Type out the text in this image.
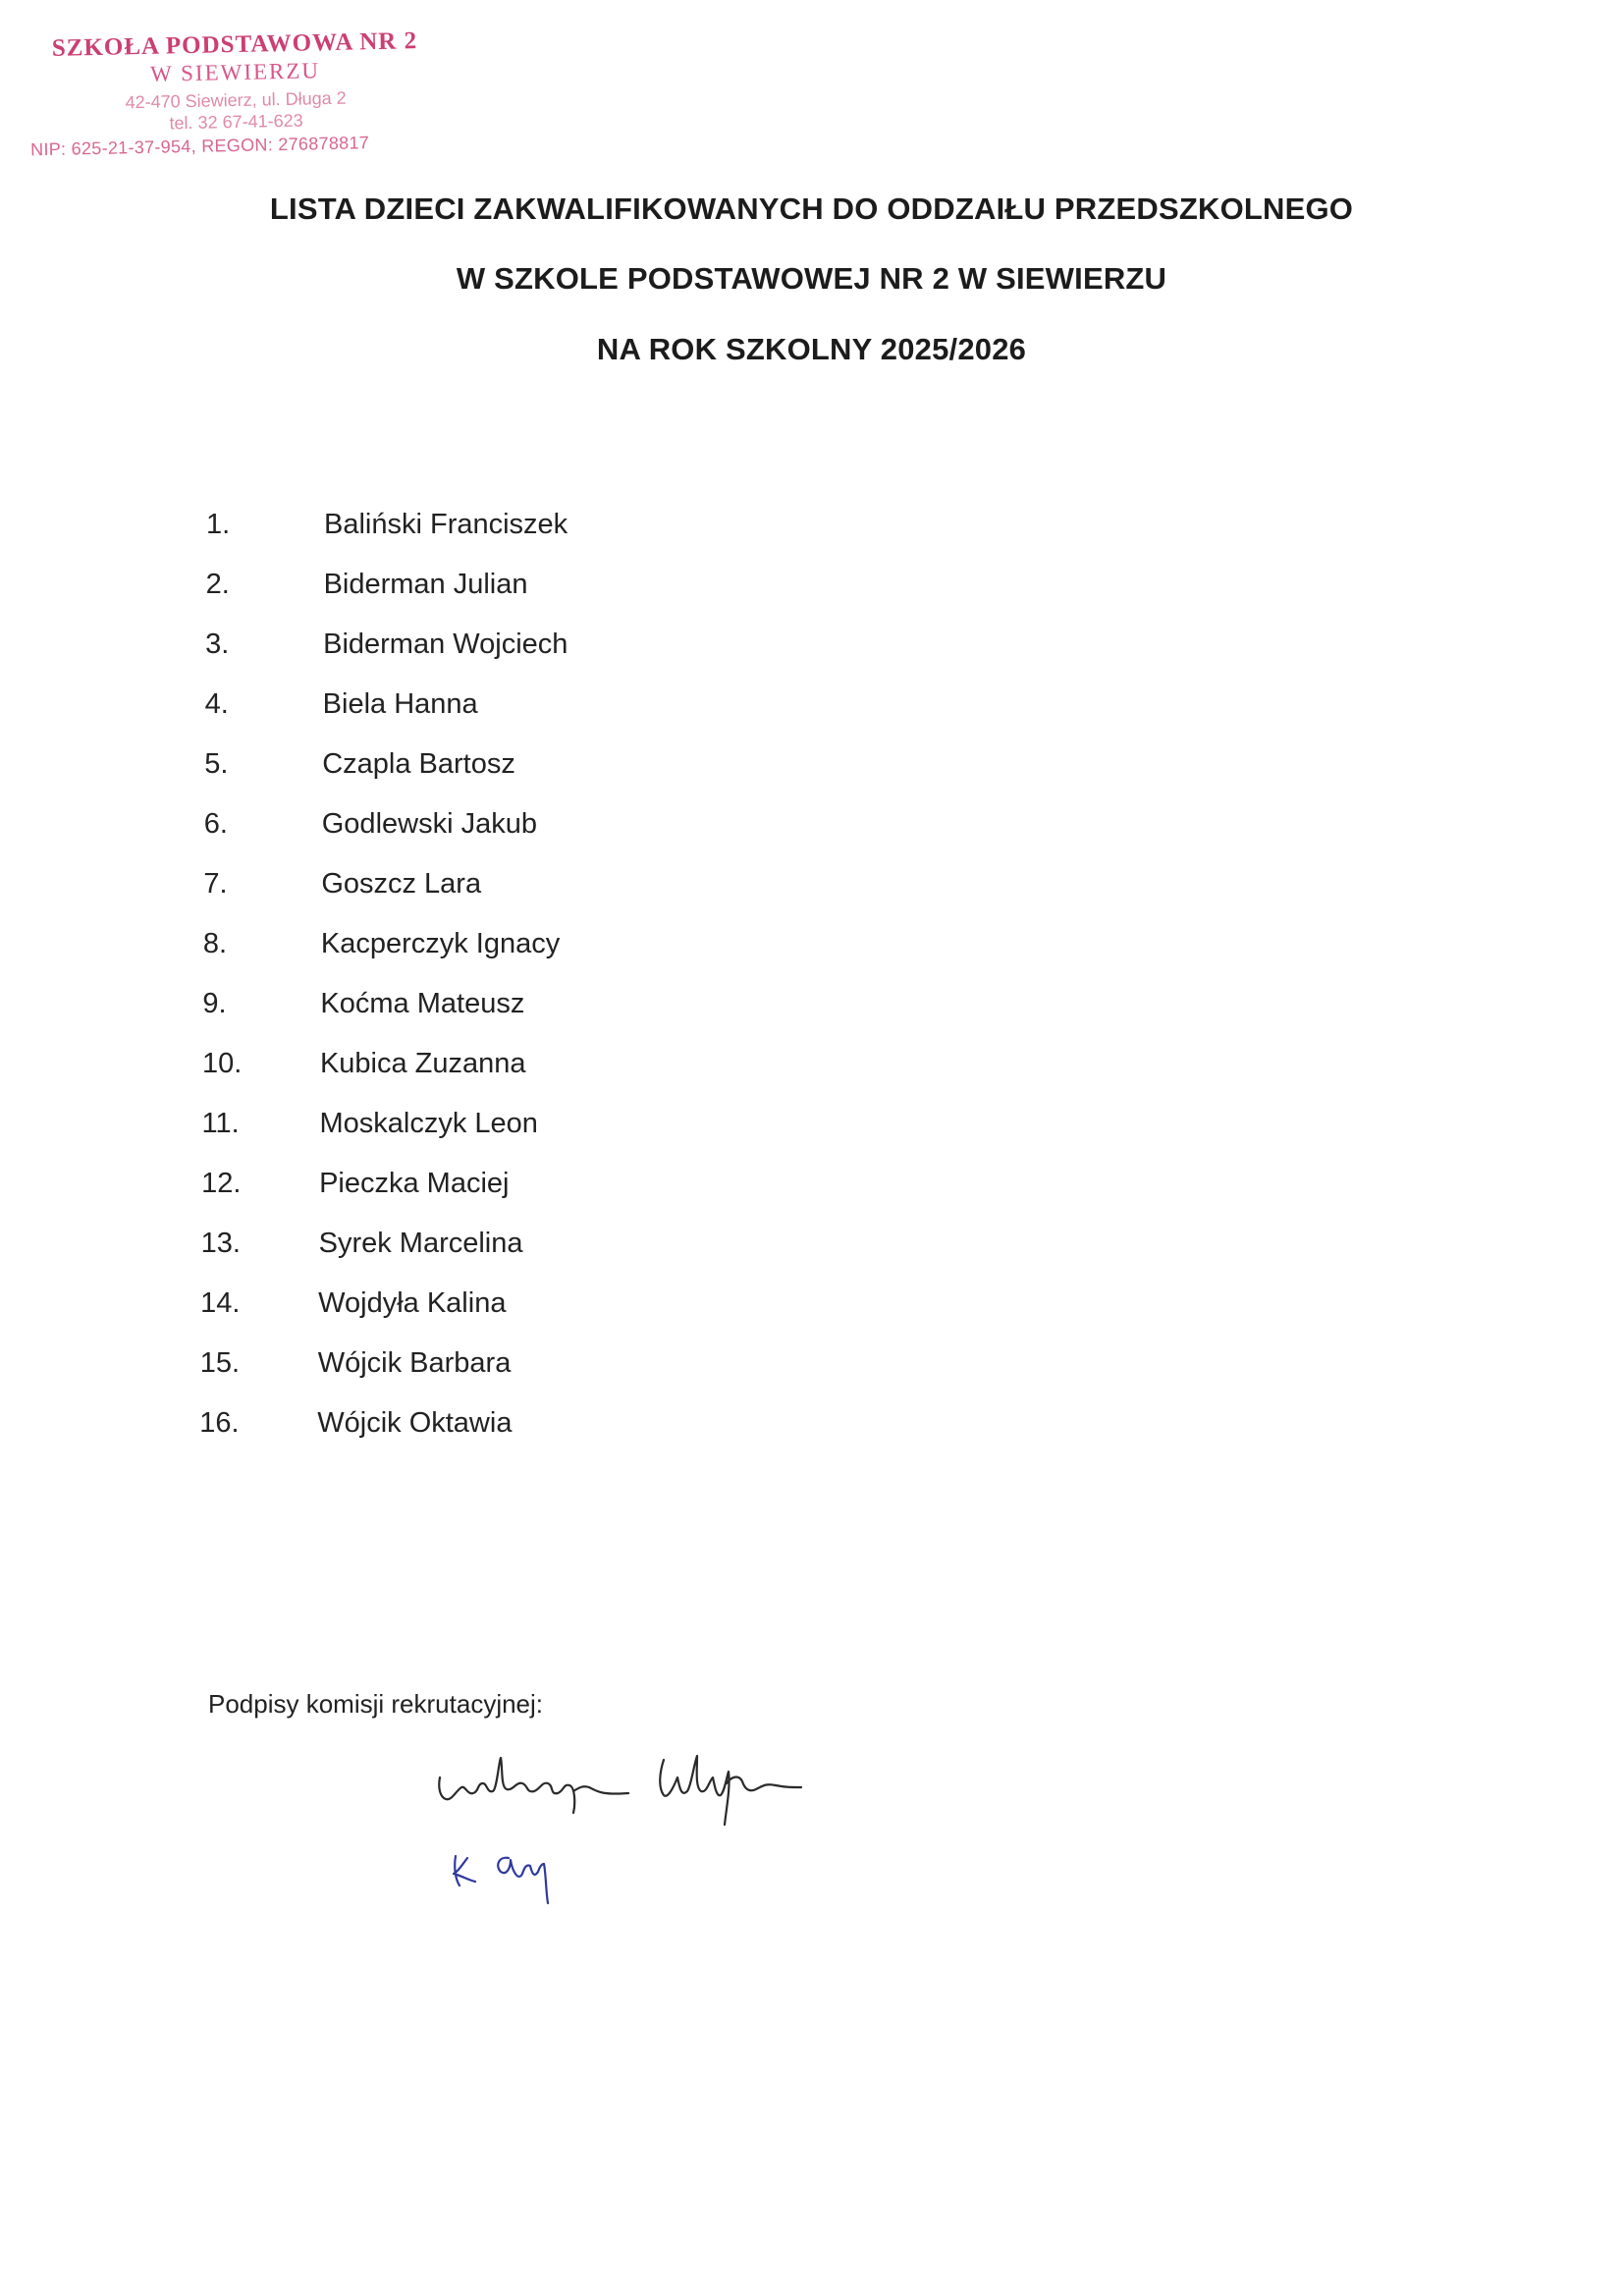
SZKOŁA PODSTAWOWA NR 2
W SIEWIERZU
42-470 Siewierz, ul. Długa 2
tel. 32 67-41-623
NIP: 625-21-37-954, REGON: 276878817
LISTA DZIECI ZAKWALIFIKOWANYCH DO ODDZAIŁU PRZEDSZKOLNEGO
W SZKOLE PODSTAWOWEJ NR 2 W SIEWIERZU
NA ROK SZKOLNY 2025/2026
1.	Baliński Franciszek
2.	Biderman Julian
3.	Biderman Wojciech
4.	Biela Hanna
5.	Czapla Bartosz
6.	Godlewski Jakub
7.	Goszcz Lara
8.	Kacperczyk Ignacy
9.	Koćma Mateusz
10.	Kubica Zuzanna
11.	Moskalczyk Leon
12.	Pieczka Maciej
13.	Syrek Marcelina
14.	Wojdyła Kalina
15.	Wójcik Barbara
16.	Wójcik Oktawia
Podpisy komisji rekrutacyjnej:
